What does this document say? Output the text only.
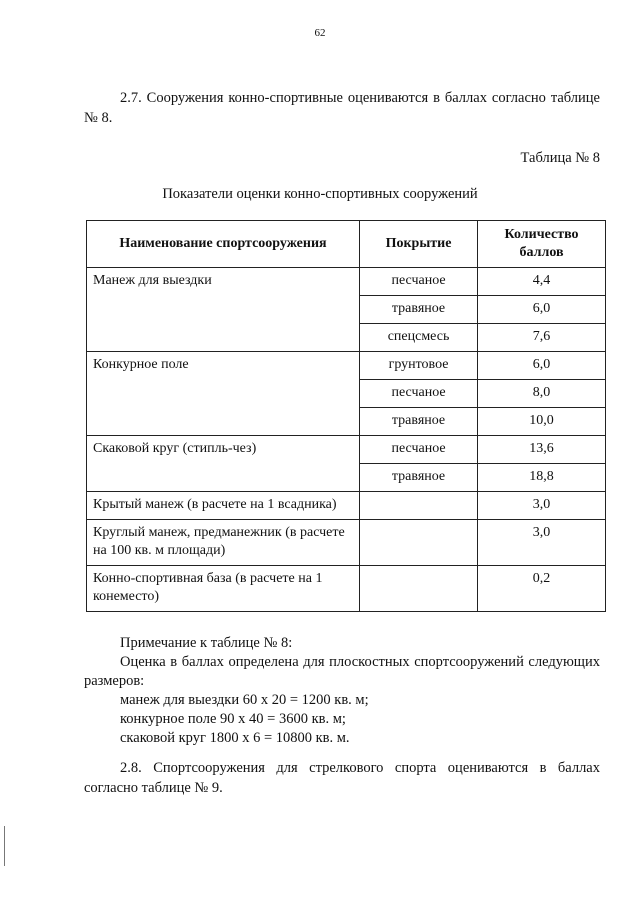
62

2.7. Сооружения конно-спортивные оцениваются в баллах согласно таблице № 8.

Таблица № 8
Показатели оценки конно-спортивных сооружений
Наименование спортсооружения	Покрытие	Количество баллов
Манеж для выездки	песчаное	4,4
	травяное	6,0
	спецсмесь	7,6
Конкурное поле	грунтовое	6,0
	песчаное	8,0
	травяное	10,0
Скаковой круг (стипль-чез)	песчаное	13,6
	травяное	18,8
Крытый манеж (в расчете на 1 всадника)		3,0
Круглый манеж, предманежник (в расчете на 100 кв. м площади)		3,0
Конно-спортивная база (в расчете на 1 конеместо)		0,2
Примечание к таблице № 8:
Оценка в баллах определена для плоскостных спортсооружений следующих размеров:
манеж для выездки 60 х 20 = 1200 кв. м;
конкурное поле 90 х 40 = 3600 кв. м;
скаковой круг 1800 х 6 = 10800 кв. м.

2.8. Спортсооружения для стрелкового спорта оцениваются в баллах согласно таблице № 9.
